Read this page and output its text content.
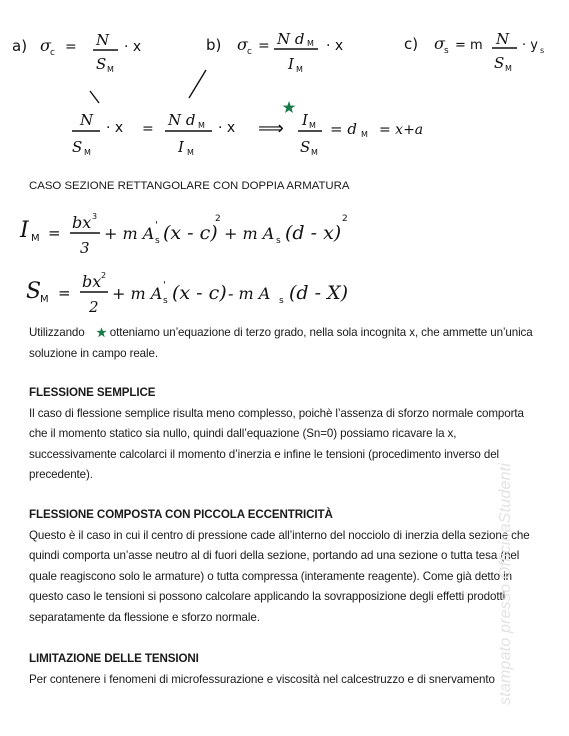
a) σ c = N
S M
· x	b) σ c = N d M
I M
· x	c) σ s = m N
S M
· y s
N
S M
· x = N d M
I M
· x ⟹ I M
S M
= d M = x+a
I M =
bx 3
3
+ m A '
s (x - c)
2
+ m A s (d - x)
2
S
M =
bx 2
2
+ m A '
s (x - c) - m A s (d - X)
CASO SEZIONE RETTANGOLARE CON DOPPIA ARMATURA
Utilizzando otteniamo un’equazione di terzo grado, nella sola incognita x, che ammette un’unica soluzione in campo reale.
FLESSIONE SEMPLICE
Il caso di flessione semplice risulta meno complesso, poichè l’assenza di sforzo normale comporta che il momento statico sia nullo, quindi dall’equazione (Sn=0) possiamo ricavare la x, successivamente calcolarci il momento d’inerzia e infine le tensioni (procedimento inverso del precedente).
FLESSIONE COMPOSTA CON PICCOLA ECCENTRICITÀ
Questo è il caso in cui il centro di pressione cade all’interno del nocciolo di inerzia della sezione che quindi comporta un’asse neutro al di fuori della sezione, portando ad una sezione o tutta tesa (nel quale reagiscono solo le armature) o tutta compressa (interamente reagente). Come già detto in questo caso le tensioni si possono calcolare applicando la sovrapposizione degli effetti prodotti separatamente da flessione e sforzo normale.
LIMITAZIONE DELLE TENSIONI
Per contenere i fenomeni di microfessurazione e viscosità nel calcestruzzo e di snervamento stampato presso OfficinaStudenti
